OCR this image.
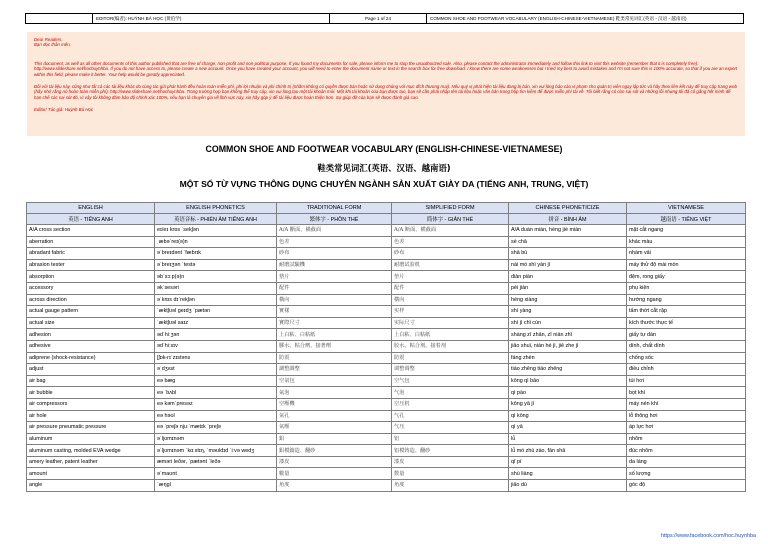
	EDITOR(编者): HUỲNH BÁ HỌC (黄伯学)	Page 1 of 24	COMMON SHOE AND FOOTWEAR VOCABULARY (ENGLISH-CHINESE-VIETNAMESE) 鞋类常见词汇(英语 - 汉语 - 越南语)

Dear Readers,

Bạn đọc thân mến,

This document, as well as all other documents of this author published that are free of charge, non-profit and non-political purpose. If you found my documents for sale, please inform me to stop the unauthorized sale. Also, please contact the administrator immediately and follow this link to visit this website (remember that it is completely free): http://www.slideshare.net/hochuynhba. If you do not have access to, please create a new account. Once you have created your account, you will need to enter the document name or text in the search box for free download. I know there are some weaknesses but I tried my best to avoid mistakes and I'm not sure this is 100% accurate, so that if you are an expert within this field, please make it better. Your help would be greatly appreciated.

Đối với tài liệu này, cũng như tất cả các tài liệu khác do cùng tác giả phát hành đều hoàn toàn miễn phí, phi lợi nhuận và phi chính trị (nhằm không có quyền được bán hoặc sử dụng chúng với mục đích thương mại). Nếu quý vị phát hiện tài liệu đang bị bán, xin vui lòng báo cáo vi phạm cho quản trị viên ngay lập tức và hãy theo liên kết này để truy cập trang web (hãy nhớ rằng nó hoàn toàn miễn phí): http://www.slideshare.net/hochuynhba. Trong trường hợp bạn không thể truy cập, xin vui lòng tạo một tài khoản mới. Một khi tài khoản của bạn được tạo, bạn sẽ cần phải nhập tên tài liệu hoặc văn bản trong hộp tìm kiếm để được miễn phí tải về. Tôi biết rằng có còn sai sót và những lỗi nhưng tôi đã cố gắng hết mình để hạn chế các sai sót đó, vì vậy tôi không đảm bảo độ chính xác 100%, nếu bạn là chuyên gia về lĩnh vực này, xin hãy góp ý để tài liệu được hoàn thiện hơn. Sự giúp đỡ của bạn sẽ được đánh giá cao.

Editor/ Tác giả: Huỳnh Bá Học

COMMON SHOE AND FOOTWEAR VOCABULARY (ENGLISH-CHINESE-VIETNAMESE)
鞋类常见词汇(英语、汉语、越南语)
MỘT SỐ TỪ VỰNG THÔNG DỤNG CHUYÊN NGÀNH SẢN XUẤT GIÀY DA (TIẾNG ANH, TRUNG, VIỆT)
ENGLISH	ENGLISH PHONETICS	TRADITIONAL FORM	SIMPLIFIED FORM	CHINESE PHONETICIZE	VIETNAMESE
英语 - TIẾNG ANH	英语音标 - PHIÊN ÂM TIẾNG ANH	繁体字 - PHỒN THỂ	简体字 - GIẢN THỂ	拼音 - BÍNH ÂM	越南语 - TIẾNG VIỆT
A/A cross section	eɪ/eɪ krɒs ˈsekʃən	A/A 斷面、橫截面	A/A 断面、横截面	A/A duàn miàn, héng jié miàn	mặt cắt ngang
aberration	ˌæbəˈreɪ(ə)n	色差	色差	sè chā	khác màu
abradant fabric	əˈbreɪdənt ˈfæbrɪk	砂布	砂布	shā bù	nhám vải
abrasion tester	əˈbreɪʒən ˈtestə	耐磨試驗機	耐磨试验机	nài mó shì yàn jī	máy thử độ mài mòn
absorption	əbˈsɔːp(ə)n	墊片	垫片	diàn piàn	đệm, rong giấy
accessory	əkˈsesəri	配件	配件	pèi jiàn	phụ kiện
across direction	əˈkrɒs dɪˈrekʃən	橫向	横向	héng xiàng	hướng ngang
actual gauge pattern	ˈæktʃʊəl geɪdʒ ˈpætən	實樣	实样	shí yàng	tấm thớt cắt rập
actual size	ˈæktʃʊəl saɪz	實際尺寸	实际尺寸	shí jì chǐ cùn	kích thước thực tế
adhesion	ədˈhiːʒən	上白粘、白粘紙	上白粘、白粘纸	shàng zī zhān, zī nián zhǐ	giấy tự dán
adhesive	ədˈhiːsɪv	膠水、粘合劑、接著劑	胶水、粘合剂、接着剂	jiāo shuǐ, nián hé jì, jiē zhe jì	dính, chất dính
adiprene (shock-resistance)	[ʃɒk-rɪˈzɪstəns	防震	防震	fáng zhèn	chống sốc
adjust	əˈdʒʌst	調整調整	调整调整	tiáo zhěng tiáo zhěng	điều chỉnh
air bag	eə bæg	空氣包	空气包	kōng qì bāo	túi hơi
air bubble	eə ˈbʌbl	氣泡	气泡	qì pào	bọt khí
air compressors	eə kəmˈpresəz	空壓機	空压机	kōng yā jī	máy nén khí
air hole	eə həʊl	氣孔	气孔	qì kǒng	lỗ thông hơi
air pressure pneumatic pressure	eə ˈpreʃə njuːˈmætɪk ˈpreʃə	氣壓	气压	qì yā	áp lực hơi
aluminum	əˈljʊmɪnəm	鋁	铝	lǚ	nhôm
aluminum casting, molded EVA wedge	əˈljʊmɪnəm ˈkɑːstɪŋ, ˈməʊldɪd ˈiːvə wedʒ	鋁模鑄造、翻砂	铝模铸造、翻砂	lǚ mó zhù zào, fān shā	đúc nhôm
amery leather, patent leather	æməri leðər, ˈpætənt ˈleðə	漆皮	漆皮	qī pí	da láng
amount	əˈmaʊnt	數量	数量	shù liàng	số lượng
angle	ˈæŋgl	角度	角度	jiǎo dù	góc độ
https://www.facebook.com/hoc.huynhba
